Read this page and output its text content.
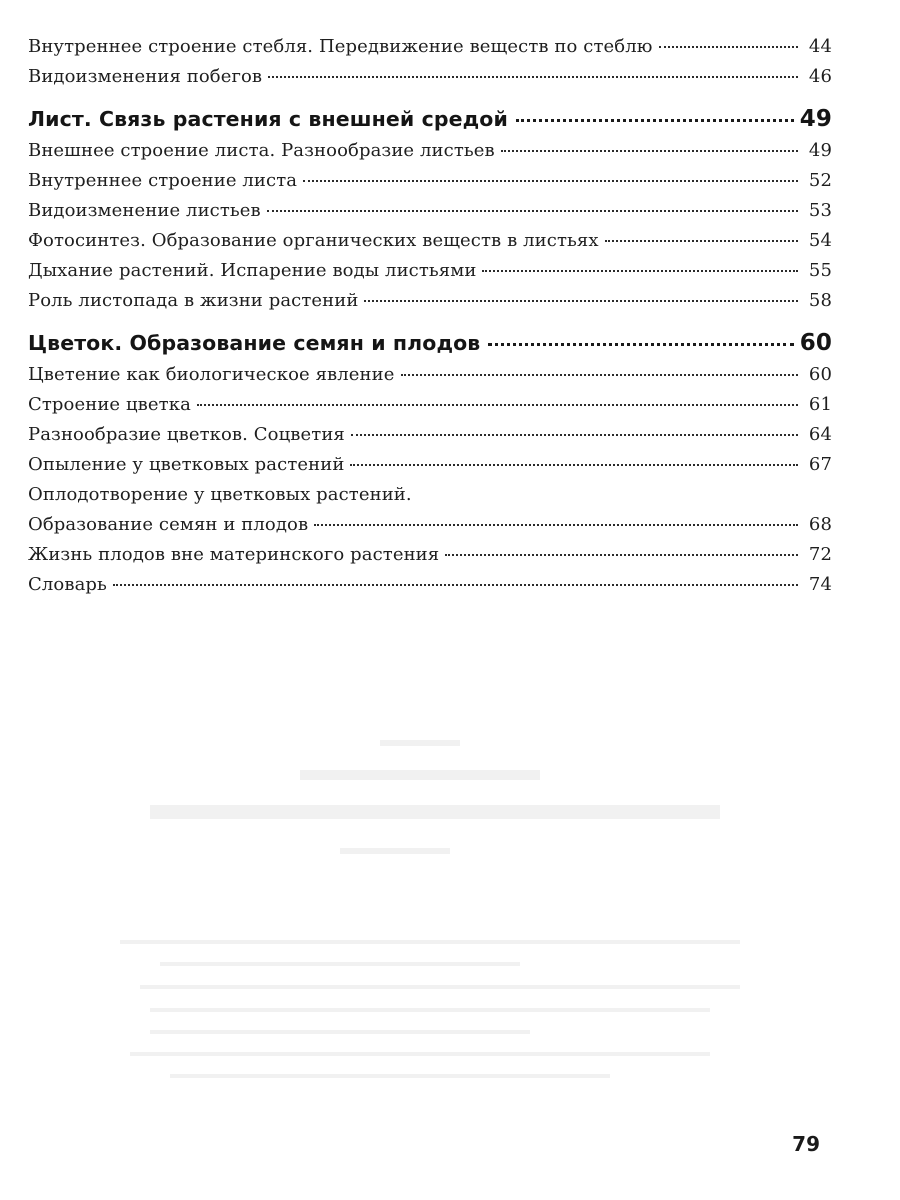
Внутреннее строение стебля. Передвижение веществ по стеблю	44
Видоизменения побегов	46
Лист. Связь растения с внешней средой	49
Внешнее строение листа. Разнообразие листьев	49
Внутреннее строение листа	52
Видоизменение листьев	53
Фотосинтез. Образование органических веществ в листьях	54
Дыхание растений. Испарение воды листьями	55
Роль листопада в жизни растений	58
Цветок. Образование семян и плодов	60
Цветение как биологическое явление	60
Строение цветка	61
Разнообразие цветков. Соцветия	64
Опыление у цветковых растений	67
Оплодотворение у цветковых растений.
Образование семян и плодов	68
Жизнь плодов вне материнского растения	72
Словарь	74
79
